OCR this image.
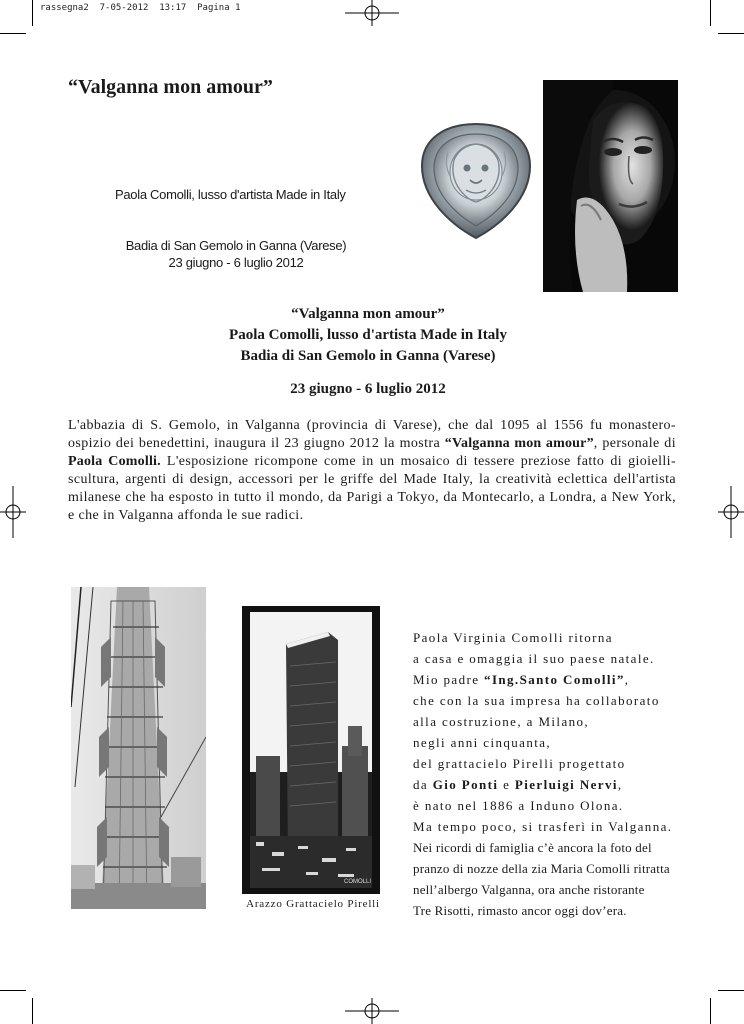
rassegna2  7-05-2012  13:17  Pagina 1
“Valganna mon amour”
Paola Comolli, lusso d'artista Made in Italy
Badia di San Gemolo in Ganna (Varese)
23 giugno - 6 luglio 2012
“Valganna mon amour”
Paola Comolli, lusso d'artista Made in Italy
Badia di San Gemolo in Ganna (Varese)
23 giugno - 6 luglio 2012
L'abbazia di S. Gemolo, in Valganna (provincia di Varese), che dal 1095 al 1556 fu monastero-ospizio dei benedettini, inaugura il 23 giugno 2012 la mostra “Valganna mon amour”, personale di Paola Comolli. L'esposizione ricompone come in un mosaico di tessere preziose fatto di gioielli-scultura, argenti di design, accessori per le griffe del Made Italy, la creatività eclettica dell'artista milanese che ha esposto in tutto il mondo, da Parigi a Tokyo, da Montecarlo, a Londra, a New York, e che in Valganna affonda le sue radici.
COMOLLI
Arazzo Grattacielo Pirelli
Paola Virginia Comolli ritorna
a casa e omaggia il suo paese natale.
Mio padre “Ing.Santo Comolli”,
che con la sua impresa ha collaborato
alla costruzione, a Milano,
negli anni cinquanta,
del grattacielo Pirelli progettato
da Gio Ponti e Pierluigi Nervi,
è nato nel 1886 a Induno Olona.
Ma tempo poco, si trasferì in Valganna.
Nei ricordi di famiglia c’è ancora la foto del
pranzo di nozze della zia Maria Comolli ritratta
nell’albergo Valganna, ora anche ristorante
Tre Risotti, rimasto ancor oggi dov’era.
